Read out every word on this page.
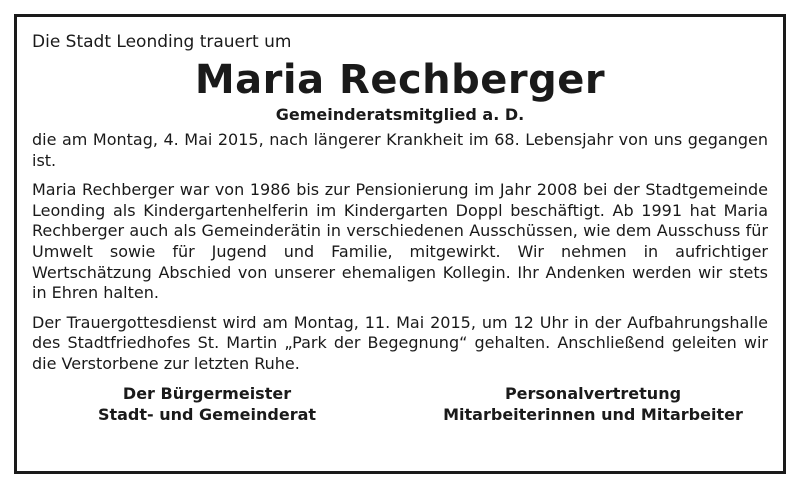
Die Stadt Leonding trauert um

Maria Rechberger

Gemeinderatsmitglied a. D.

die am Montag, 4. Mai 2015, nach längerer Krankheit im 68. Lebensjahr von uns gegangen ist.

Maria Rechberger war von 1986 bis zur Pensionierung im Jahr 2008 bei der Stadtgemeinde Leonding als Kindergartenhelferin im Kindergarten Doppl beschäftigt. Ab 1991 hat Maria Rechberger auch als Gemeinderätin in verschiedenen Ausschüssen, wie dem Ausschuss für Umwelt sowie für Jugend und Familie, mitgewirkt. Wir nehmen in aufrichtiger Wertschätzung Abschied von unserer ehemaligen Kollegin. Ihr Andenken werden wir stets in Ehren halten.

Der Trauergottesdienst wird am Montag, 11. Mai 2015, um 12 Uhr in der Aufbahrungshalle des Stadtfriedhofes St. Martin „Park der Begegnung“ gehalten. Anschließend geleiten wir die Verstorbene zur letzten Ruhe.

Der Bürgermeister
Stadt- und Gemeinderat
Personalvertretung
Mitarbeiterinnen und Mitarbeiter
